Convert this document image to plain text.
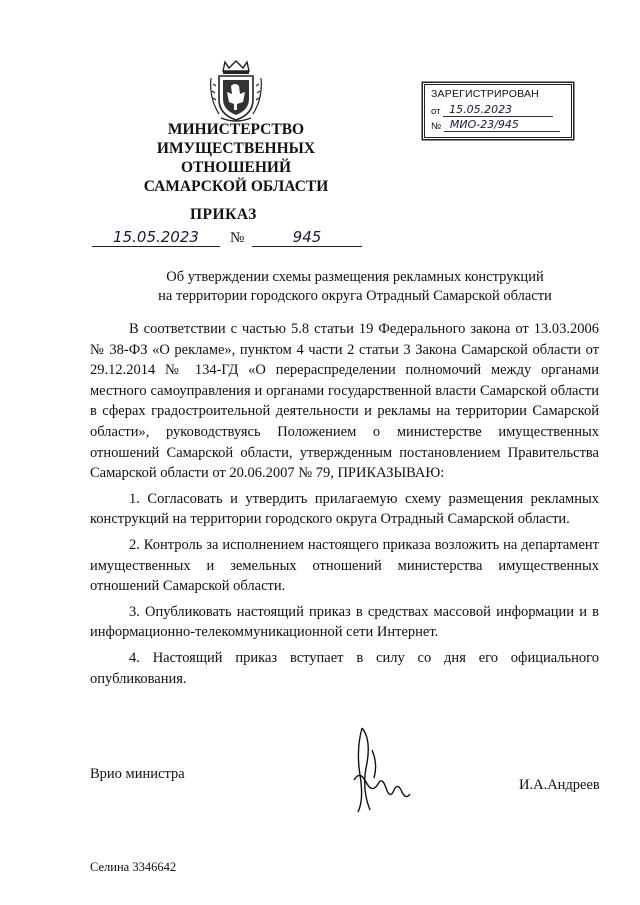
МИНИСТЕРСТВО
ИМУЩЕСТВЕННЫХ
ОТНОШЕНИЙ
САМАРСКОЙ ОБЛАСТИ
ЗАРЕГИСТРИРОВАН
от 15.05.2023
№ МИО-23/945
ПРИКАЗ
15.05.2023	№	945
Об утверждении схемы размещения рекламных конструкций
на территории городского округа Отрадный Самарской области

В соответствии с частью 5.8 статьи 19 Федерального закона от 13.03.2006 № 38-ФЗ «О рекламе», пунктом 4 части 2 статьи 3 Закона Самарской области от 29.12.2014 № 134-ГД «О перераспределении полномочий между органами местного самоуправления и органами государственной власти Самарской области в сферах градостроительной деятельности и рекламы на территории Самарской области», руководствуясь Положением о министерстве имущественных отношений Самарской области, утвержденным постановлением Правительства Самарской области от 20.06.2007 № 79, ПРИКАЗЫВАЮ:

1. Согласовать и утвердить прилагаемую схему размещения рекламных конструкций на территории городского округа Отрадный Самарской области.

2. Контроль за исполнением настоящего приказа возложить на департамент имущественных и земельных отношений министерства имущественных отношений Самарской области.

3. Опубликовать настоящий приказ в средствах массовой информации и в информационно-телекоммуникационной сети Интернет.

4. Настоящий приказ вступает в силу со дня его официального опубликования.

Врио министра
И.А.Андреев
Селина 3346642
